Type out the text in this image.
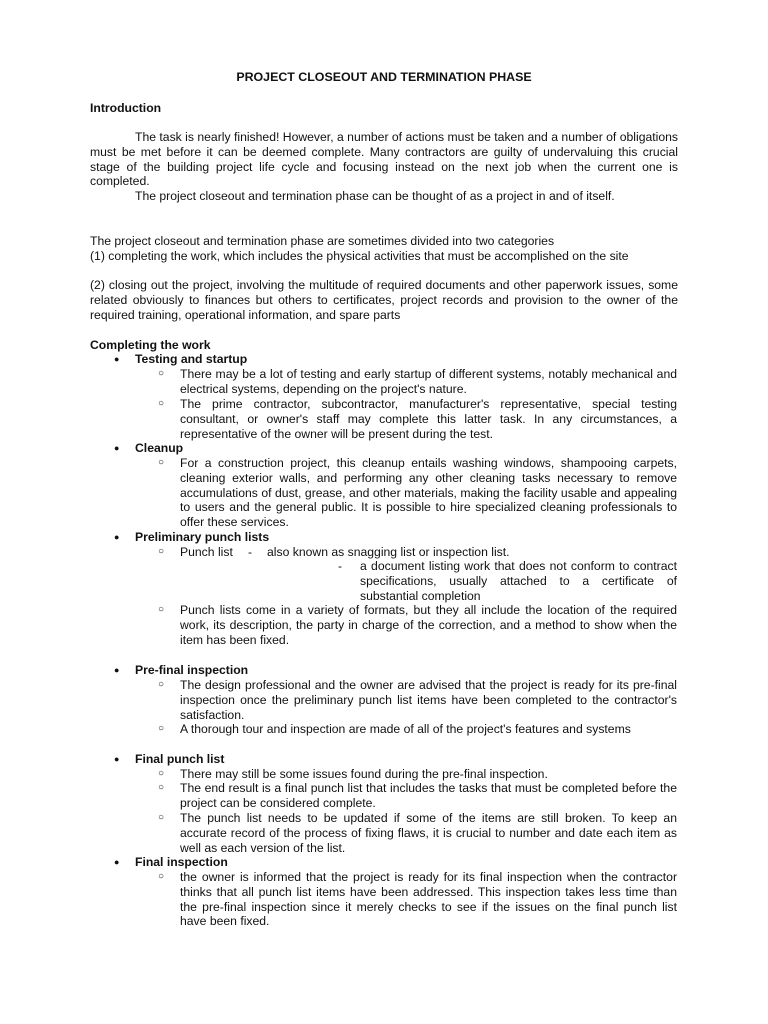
PROJECT CLOSEOUT AND TERMINATION PHASE
Introduction

The task is nearly finished! However, a number of actions must be taken and a number of obligations must be met before it can be deemed complete. Many contractors are guilty of undervaluing this crucial stage of the building project life cycle and focusing instead on the next job when the current one is completed.

The project closeout and termination phase can be thought of as a project in and of itself.

The project closeout and termination phase are sometimes divided into two categories

(1) completing the work, which includes the physical activities that must be accomplished on the site

(2) closing out the project, involving the multitude of required documents and other paperwork issues, some related obviously to finances but others to certificates, project records and provision to the owner of the required training, operational information, and spare parts

Completing the work
● Testing and startup

○ There may be a lot of testing and early startup of different systems, notably mechanical and electrical systems, depending on the project's nature.

○ The prime contractor, subcontractor, manufacturer's representative, special testing consultant, or owner's staff may complete this latter task. In any circumstances, a representative of the owner will be present during the test.

● Cleanup

○ For a construction project, this cleanup entails washing windows, shampooing carpets, cleaning exterior walls, and performing any other cleaning tasks necessary to remove accumulations of dust, grease, and other materials, making the facility usable and appealing to users and the general public. It is possible to hire specialized cleaning professionals to offer these services.

● Preliminary punch lists
○ Punch list - also known as snagging list or inspection list.
- a document listing work that does not conform to contract specifications, usually attached to a certificate of substantial completion

○ Punch lists come in a variety of formats, but they all include the location of the required work, its description, the party in charge of the correction, and a method to show when the item has been fixed.

● Pre-final inspection

○ The design professional and the owner are advised that the project is ready for its pre-final inspection once the preliminary punch list items have been completed to the contractor's satisfaction.

○ A thorough tour and inspection are made of all of the project's features and systems

● Final punch list

○ There may still be some issues found during the pre-final inspection.

○ The end result is a final punch list that includes the tasks that must be completed before the project can be considered complete.

○ The punch list needs to be updated if some of the items are still broken. To keep an accurate record of the process of fixing flaws, it is crucial to number and date each item as well as each version of the list.

● Final inspection

○ the owner is informed that the project is ready for its final inspection when the contractor thinks that all punch list items have been addressed. This inspection takes less time than the pre-final inspection since it merely checks to see if the issues on the final punch list have been fixed.
